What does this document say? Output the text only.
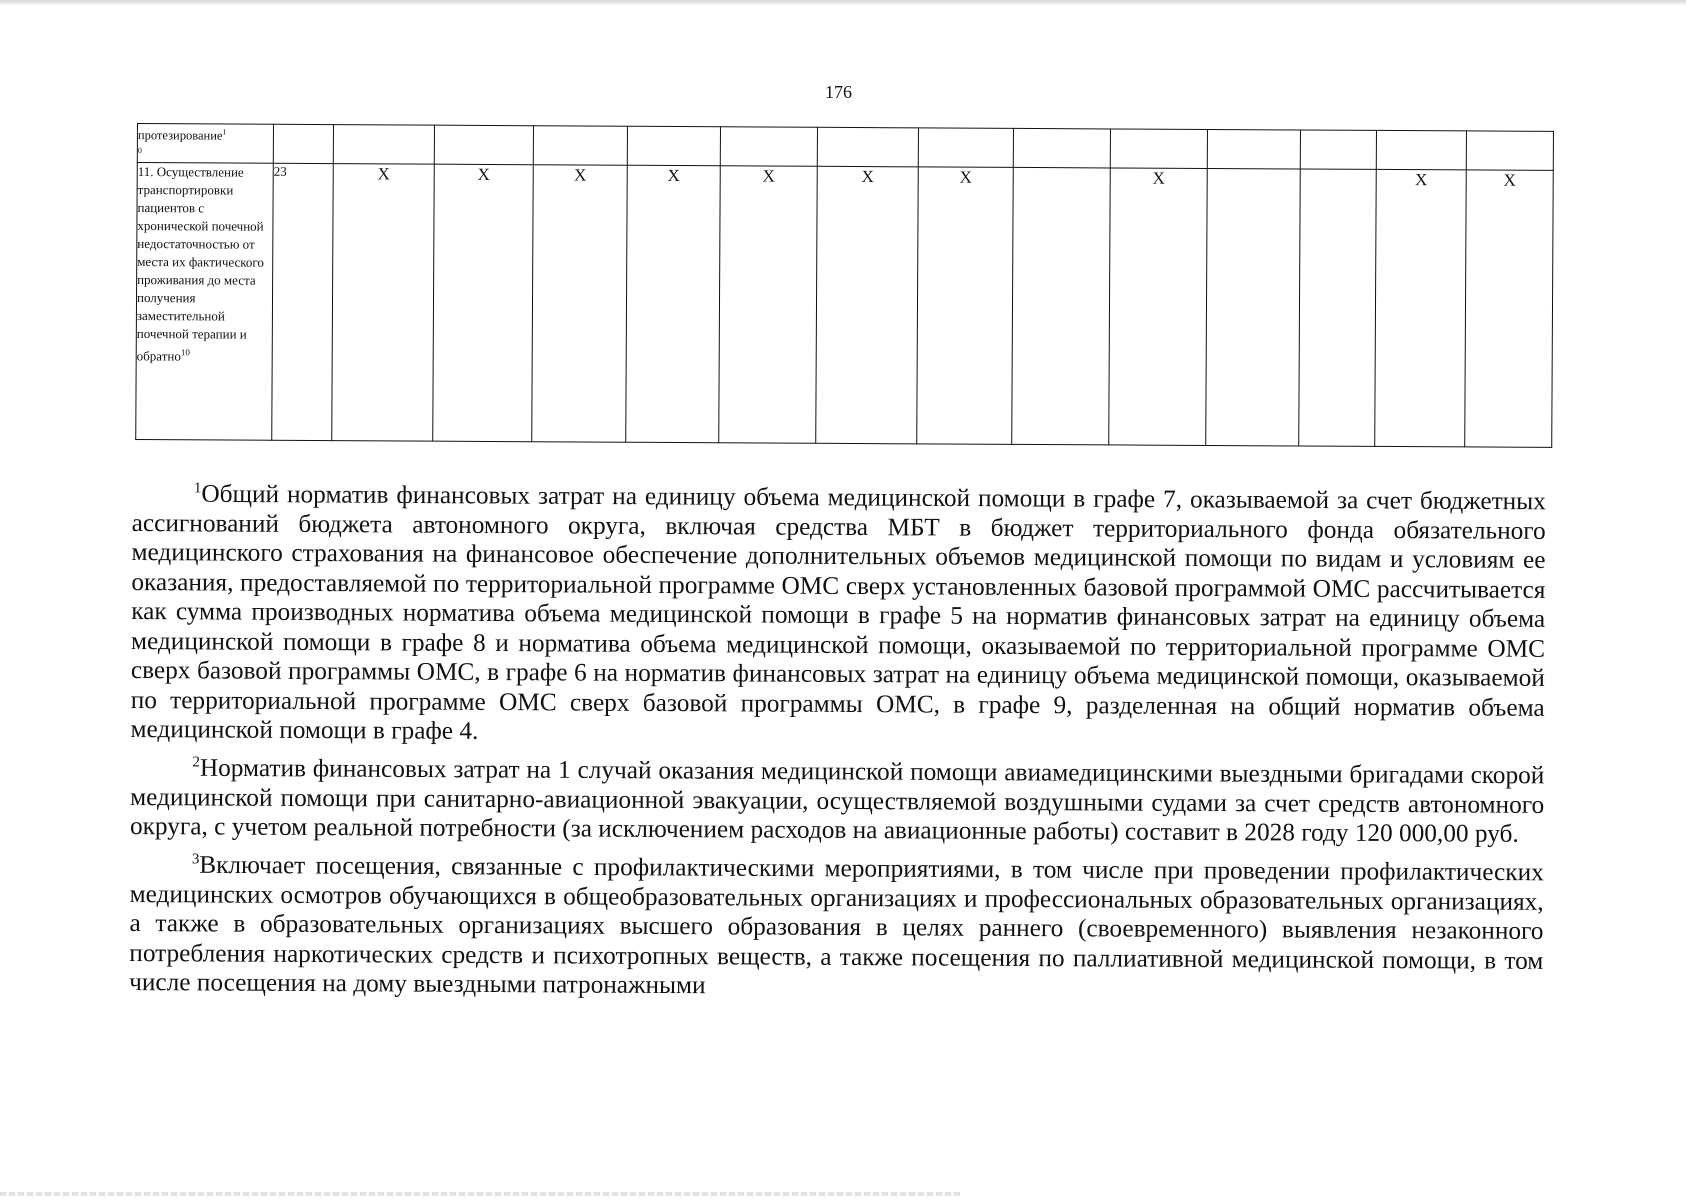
176
протезирование$^1$
$^0$														
11. Осуществление транспортировки пациентов с хронической почечной недостаточностью от места их фактического проживания до места получения заместительной почечной терапии и обратно$^{10}$	23	X	X	X	X	X	X	X		X			X	X

$^1$Общий норматив финансовых затрат на единицу объема медицинской помощи в графе 7, оказываемой за счет бюджетных ассигнований бюджета автономного округа, включая средства МБТ в бюджет территориального фонда обязательного медицинского страхования на финансовое обеспечение дополнительных объемов медицинской помощи по видам и условиям ее оказания, предоставляемой по территориальной программе ОМС сверх установленных базовой программой ОМС рассчитывается как сумма производных норматива объема медицинской помощи в графе 5 на норматив финансовых затрат на единицу объема медицинской помощи в графе 8 и норматива объема медицинской помощи, оказываемой по территориальной программе ОМС сверх базовой программы ОМС, в графе 6 на норматив финансовых затрат на единицу объема медицинской помощи, оказываемой по территориальной программе ОМС сверх базовой программы ОМС, в графе 9, разделенная на общий норматив объема медицинской помощи в графе 4.

$^2$Норматив финансовых затрат на 1 случай оказания медицинской помощи авиамедицинскими выездными бригадами скорой медицинской помощи при санитарно-авиационной эвакуации, осуществляемой воздушными судами за счет средств автономного округа, с учетом реальной потребности (за исключением расходов на авиационные работы) составит в 2028 году 120 000,00 руб.

$^3$Включает посещения, связанные с профилактическими мероприятиями, в том числе при проведении профилактических медицинских осмотров обучающихся в общеобразовательных организациях и профессиональных образовательных организациях, а также в образовательных организациях высшего образования в целях раннего (своевременного) выявления незаконного потребления наркотических средств и психотропных веществ, а также посещения по паллиативной медицинской помощи, в том числе посещения на дому выездными патронажными
